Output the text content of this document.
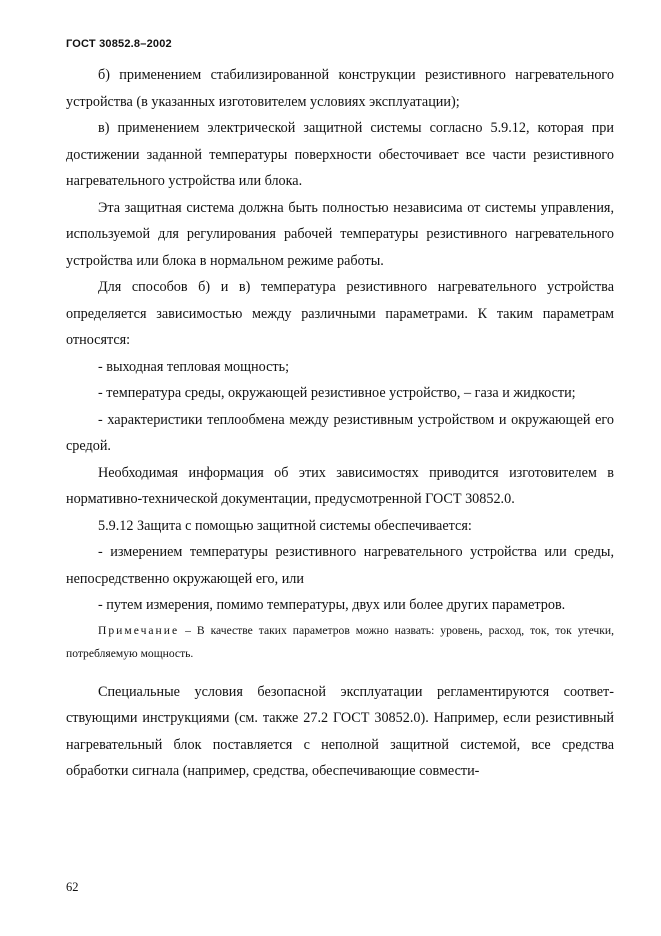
ГОСТ 30852.8–2002

б) применением стабилизированной конструкции резистивного нагревательного устройства (в указанных изготовителем условиях эксплуатации);

в) применением электрической защитной системы согласно 5.9.12, которая при достижении заданной температуры поверхности обесточивает все части резистивного нагревательного устройства или блока.

Эта защитная система должна быть полностью независима от системы управления, используемой для регулирования рабочей температуры резистивного нагревательного устройства или блока в нормальном режиме работы.

Для способов б) и в) температура резистивного нагревательного устройства определяется зависимостью между различными параметрами. К таким параметрам относятся:

- выходная тепловая мощность;

- температура среды, окружающей резистивное устройство, – газа и жидкости;

- характеристики теплообмена между резистивным устройством и окружающей его средой.

Необходимая информация об этих зависимостях приводится изготовителем в нормативно-технической документации, предусмотренной ГОСТ 30852.0.

5.9.12 Защита с помощью защитной системы обеспечивается:

- измерением температуры резистивного нагревательного устройства или среды, непосредственно окружающей его, или

- путем измерения, помимо температуры, двух или более других параметров.

Примечание – В качестве таких параметров можно назвать: уровень, расход, ток, ток утечки, потребляемую мощность.

Специальные условия безопасной эксплуатации регламентируются соответствующими инструкциями (см. также 27.2 ГОСТ 30852.0). Например, если резистивный нагревательный блок поставляется с неполной защитной системой, все средства обработки сигнала (например, средства, обеспечивающие совмести-

62
